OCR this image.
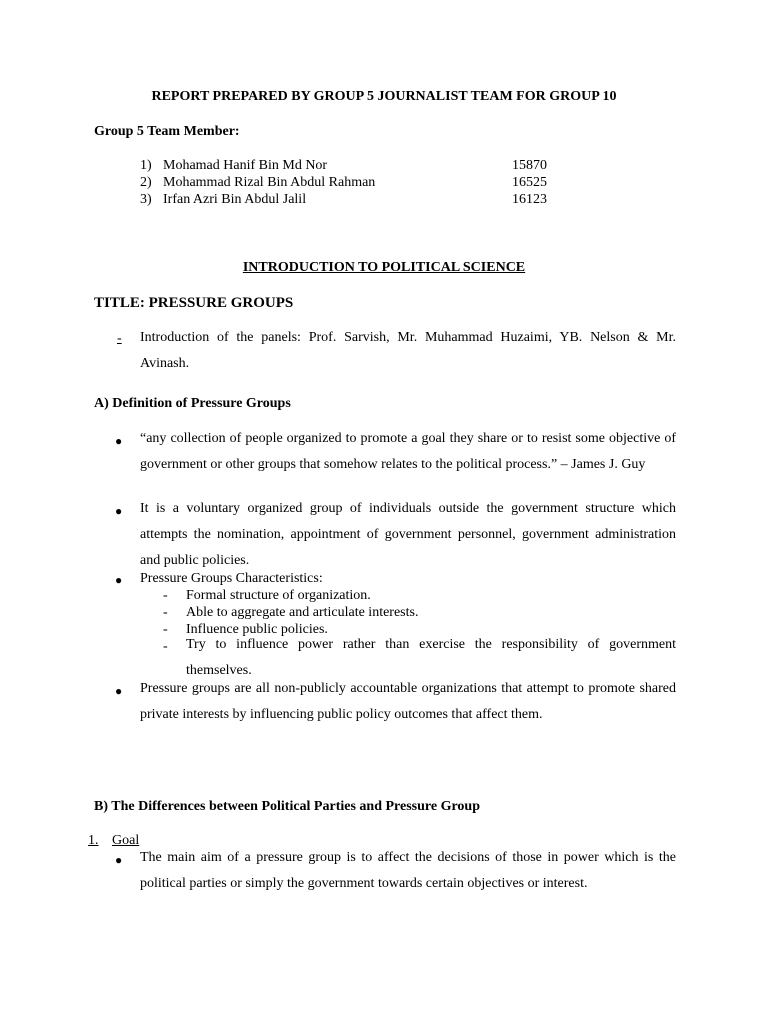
REPORT PREPARED BY GROUP 5 JOURNALIST TEAM FOR GROUP 10
Group 5 Team Member:
1) Mohamad Hanif Bin Md Nor	15870
2) Mohammad Rizal Bin Abdul Rahman	16525
3) Irfan Azri Bin Abdul Jalil	16123
INTRODUCTION TO POLITICAL SCIENCE
TITLE: PRESSURE GROUPS
-	Introduction of the panels: Prof. Sarvish, Mr. Muhammad Huzaimi, YB. Nelson & Mr. Avinash.
A) Definition of Pressure Groups
● “any collection of people organized to promote a goal they share or to resist some objective of government or other groups that somehow relates to the political process.” – James J. Guy
● It is a voluntary organized group of individuals outside the government structure which attempts the nomination, appointment of government personnel, government administration and public policies.
● Pressure Groups Characteristics:
- Formal structure of organization.
- Able to aggregate and articulate interests.
- Influence public policies.
- Try to influence power rather than exercise the responsibility of government themselves.
● Pressure groups are all non-publicly accountable organizations that attempt to promote shared private interests by influencing public policy outcomes that affect them.
B) The Differences between Political Parties and Pressure Group
1. Goal
● The main aim of a pressure group is to affect the decisions of those in power which is the political parties or simply the government towards certain objectives or interest.
